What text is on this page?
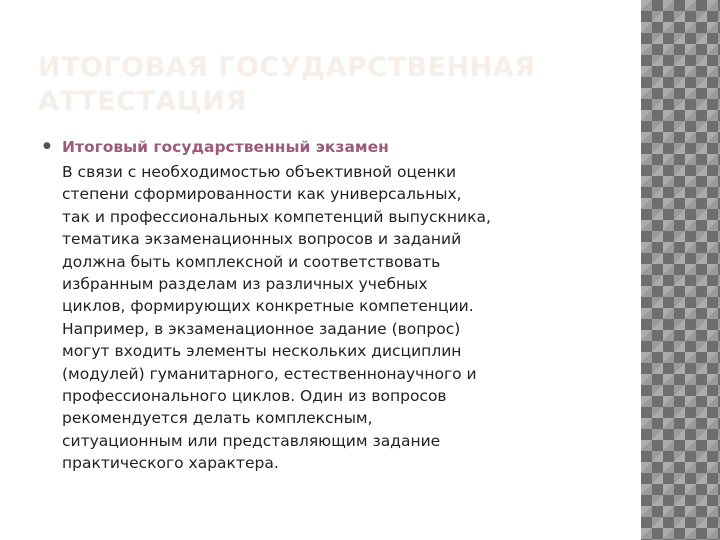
ИТОГОВАЯ ГОСУДАРСТВЕННАЯ АТТЕСТАЦИЯ
● Итоговый государственный экзамен

В связи с необходимостью объективной оценки
степени сформированности как универсальных,
так и профессиональных компетенций выпускника,
тематика экзаменационных вопросов и заданий
должна быть комплексной и соответствовать
избранным разделам из различных учебных
циклов, формирующих конкретные компетенции.
Например, в экзаменационное задание (вопрос)
могут входить элементы нескольких дисциплин
(модулей) гуманитарного, естественнонаучного и
профессионального циклов. Один из вопросов
рекомендуется делать комплексным,
ситуационным или представляющим задание
практического характера.
